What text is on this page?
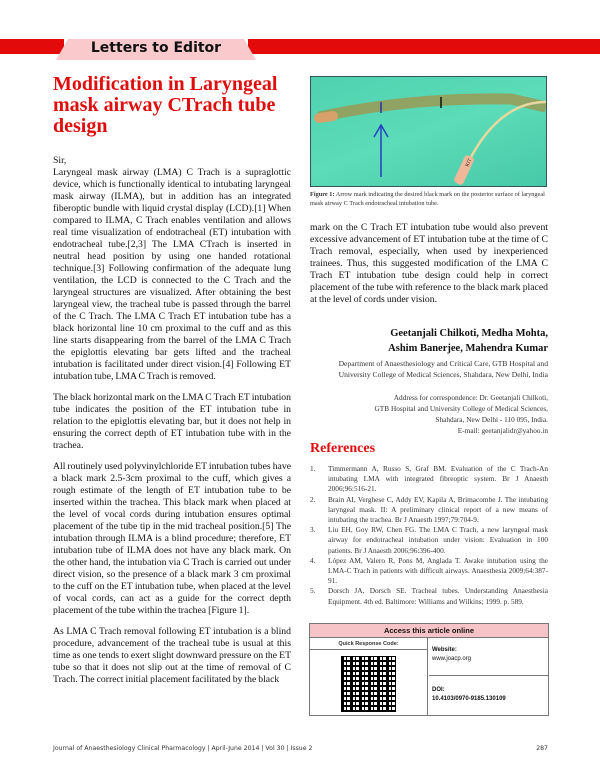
Letters to Editor
Modification in Laryngeal mask airway CTrach tube design

Sir,

Laryngeal mask airway (LMA) C Trach is a supraglottic device, which is functionally identical to intubating laryngeal mask airway (ILMA), but in addition has an integrated fiberoptic bundle with liquid crystal display (LCD).[1] When compared to ILMA, C Trach enables ventilation and allows real time visualization of endotracheal (ET) intubation with endotracheal tube.[2,3] The LMA CTrach is inserted in neutral head position by using one handed rotational technique.[3] Following confirmation of the adequate lung ventilation, the LCD is connected to the C Trach and the laryngeal structures are visualized. After obtaining the best laryngeal view, the tracheal tube is passed through the barrel of the C Trach. The LMA C Trach ET intubation tube has a black horizontal line 10 cm proximal to the cuff and as this line starts disappearing from the barrel of the LMA C Trach the epiglottis elevating bar gets lifted and the tracheal intubation is facilitated under direct vision.[4] Following ET intubation tube, LMA C Trach is removed.

The black horizontal mark on the LMA C Trach ET intubation tube indicates the position of the ET intubation tube in relation to the epiglottis elevating bar, but it does not help in ensuring the correct depth of ET intubation tube with in the trachea.

All routinely used polyvinylchloride ET intubation tubes have a black mark 2.5-3cm proximal to the cuff, which gives a rough estimate of the length of ET intubation tube to be inserted within the trachea. This black mark when placed at the level of vocal cords during intubation ensures optimal placement of the tube tip in the mid tracheal position.[5] The intubation through ILMA is a blind procedure; therefore, ET intubation tube of ILMA does not have any black mark. On the other hand, the intubation via C Trach is carried out under direct vision, so the presence of a black mark 3 cm proximal to the cuff on the ET intubation tube, when placed at the level of vocal cords, can act as a guide for the correct depth placement of the tube within the trachea [Figure 1].

As LMA C Trach removal following ET intubation is a blind procedure, advancement of the tracheal tube is usual at this time as one tends to exert slight downward pressure on the ET tube so that it does not slip out at the time of removal of C Trach. The correct initial placement facilitated by the black

KIT
Figure 1: Arrow mark indicating the desired black mark on the posterior surface of laryngeal mask airway C Trach endotracheal intubation tube.
mark on the C Trach ET intubation tube would also prevent excessive advancement of ET intubation tube at the time of C Trach removal, especially, when used by inexperienced trainees. Thus, this suggested modification of the LMA C Trach ET intubation tube design could help in correct placement of the tube with reference to the black mark placed at the level of cords under vision.
Geetanjali Chilkoti, Medha Mohta,
Ashim Banerjee, Mahendra Kumar
Department of Anaesthesiology and Critical Care, GTB Hospital and
University College of Medical Sciences, Shahdara, New Delhi, India
Address for correspondence: Dr. Geetanjali Chilkoti,
GTB Hospital and University College of Medical Sciences,
Shahdara, New Delhi - 110 095, India.
E-mail: geetanjalidr@yahoo.in
References
1.	Timmermann A, Russo S, Graf BM. Evaluation of the C Trach-An intubating LMA with integrated fibreoptic system. Br J Anaesth 2006;96:516-21.
2.	Brain AI, Verghese C, Addy EV, Kapila A, Brimacombe J. The intubating laryngeal mask. II: A preliminary clinical report of a new means of intubating the trachea. Br J Anaesth 1997;79:704-9.
3.	Liu EH, Goy RW, Chen FG. The LMA C Trach, a new laryngeal mask airway for endotracheal intubation under vision: Evaluation in 100 patients. Br J Anaesth 2006;96:396-400.
4.	López AM, Valero R, Pons M, Anglada T. Awake intubation using the LMA-C Trach in patients with difficult airways. Anaesthesia 2009;64:387-91.
5.	Dorsch JA, Dorsch SE. Tracheal tubes. Understanding Anaesthesia Equipment. 4th ed. Baltimore: Williams and Wilkins; 1999. p. 589.
Access this article online
Quick Response Code:
Website:
www.joacp.org
DOI:
10.4103/0970-9185.130109
Journal of Anaesthesiology Clinical Pharmacology | April-June 2014 | Vol 30 | Issue 2	287
